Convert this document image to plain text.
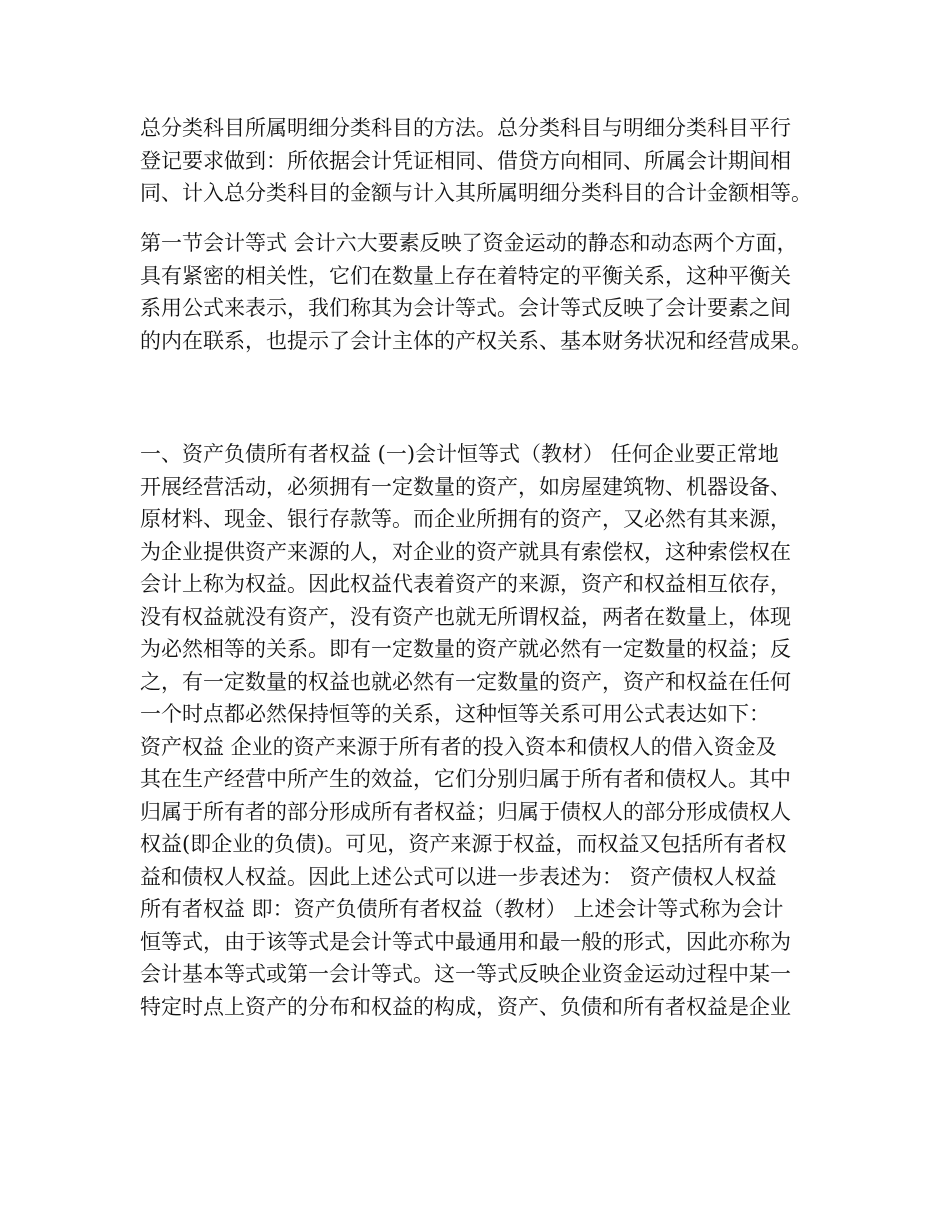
总分类科目所属明细分类科目的方法。总分类科目与明细分类科目平行
登记要求做到：所依据会计凭证相同、借贷方向相同、所属会计期间相
同、计入总分类科目的金额与计入其所属明细分类科目的合计金额相等。
第一节会计等式 会计六大要素反映了资金运动的静态和动态两个方面，
具有紧密的相关性，它们在数量上存在着特定的平衡关系，这种平衡关
系用公式来表示，我们称其为会计等式。会计等式反映了会计要素之间
的内在联系，也提示了会计主体的产权关系、基本财务状况和经营成果。
一、资产负债所有者权益 (一)会计恒等式（教材） 任何企业要正常地
开展经营活动，必须拥有一定数量的资产，如房屋建筑物、机器设备、
原材料、现金、银行存款等。而企业所拥有的资产，又必然有其来源，
为企业提供资产来源的人，对企业的资产就具有索偿权，这种索偿权在
会计上称为权益。因此权益代表着资产的来源，资产和权益相互依存，
没有权益就没有资产，没有资产也就无所谓权益，两者在数量上，体现
为必然相等的关系。即有一定数量的资产就必然有一定数量的权益；反
之，有一定数量的权益也就必然有一定数量的资产，资产和权益在任何
一个时点都必然保持恒等的关系，这种恒等关系可用公式表达如下：
资产权益 企业的资产来源于所有者的投入资本和债权人的借入资金及
其在生产经营中所产生的效益，它们分别归属于所有者和债权人。其中
归属于所有者的部分形成所有者权益；归属于债权人的部分形成债权人
权益(即企业的负债)。可见，资产来源于权益，而权益又包括所有者权
益和债权人权益。因此上述公式可以进一步表述为： 资产债权人权益
所有者权益 即：资产负债所有者权益（教材） 上述会计等式称为会计
恒等式，由于该等式是会计等式中最通用和最一般的形式，因此亦称为
会计基本等式或第一会计等式。这一等式反映企业资金运动过程中某一
特定时点上资产的分布和权益的构成，资产、负债和所有者权益是企业
